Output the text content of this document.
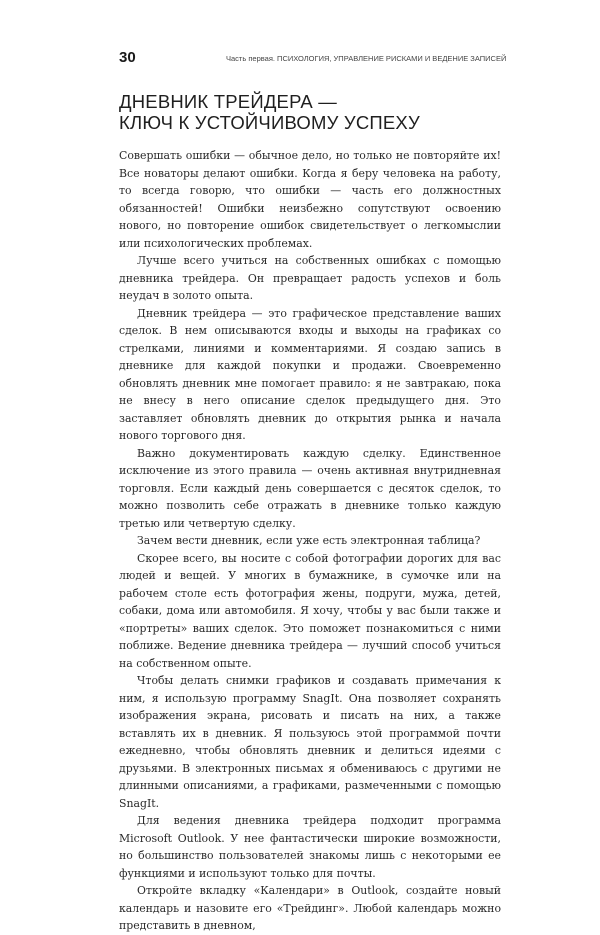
30	Часть первая. ПСИХОЛОГИЯ, УПРАВЛЕНИЕ РИСКАМИ И ВЕДЕНИЕ ЗАПИСЕЙ
ДНЕВНИК ТРЕЙДЕРА —
КЛЮЧ К УСТОЙЧИВОМУ УСПЕХУ

Совершать ошибки — обычное дело, но только не повторяйте их! Все новаторы делают ошибки. Когда я беру человека на работу, то всегда говорю, что ошибки — часть его должностных обязанностей! Ошибки неизбежно сопутствуют освоению нового, но повторение ошибок свидетельствует о легкомыслии или психологических проблемах.

Лучше всего учиться на собственных ошибках с помощью дневника трейдера. Он превращает радость успехов и боль неудач в золото опыта.

Дневник трейдера — это графическое представление ваших сделок. В нем описываются входы и выходы на графиках со стрелками, линиями и комментариями. Я создаю запись в дневнике для каждой покупки и продажи. Своевременно обновлять дневник мне помогает правило: я не завтракаю, пока не внесу в него описание сделок предыдущего дня. Это заставляет обновлять дневник до открытия рынка и начала нового торгового дня.

Важно документировать каждую сделку. Единственное исключение из этого правила — очень активная внутридневная торговля. Если каждый день совершается с десяток сделок, то можно позволить себе отражать в дневнике только каждую третью или четвертую сделку.

Зачем вести дневник, если уже есть электронная таблица?

Скорее всего, вы носите с собой фотографии дорогих для вас людей и вещей. У многих в бумажнике, в сумочке или на рабочем столе есть фотография жены, подруги, мужа, детей, собаки, дома или автомобиля. Я хочу, чтобы у вас были также и «портреты» ваших сделок. Это поможет познакомиться с ними поближе. Ведение дневника трейдера — лучший способ учиться на собственном опыте.

Чтобы делать снимки графиков и создавать примечания к ним, я использую программу SnagIt. Она позволяет сохранять изображения экрана, рисовать и писать на них, а также вставлять их в дневник. Я пользуюсь этой программой почти ежедневно, чтобы обновлять дневник и делиться идеями с друзьями. В электронных письмах я обмениваюсь с другими не длинными описаниями, а графиками, размеченными с помощью SnagIt.

Для ведения дневника трейдера подходит программа Microsoft Outlook. У нее фантастически широкие возможности, но большинство пользователей знакомы лишь с некоторыми ее функциями и используют только для почты.

Откройте вкладку «Календари» в Outlook, создайте новый календарь и назовите его «Трейдинг». Любой календарь можно представить в дневном,
